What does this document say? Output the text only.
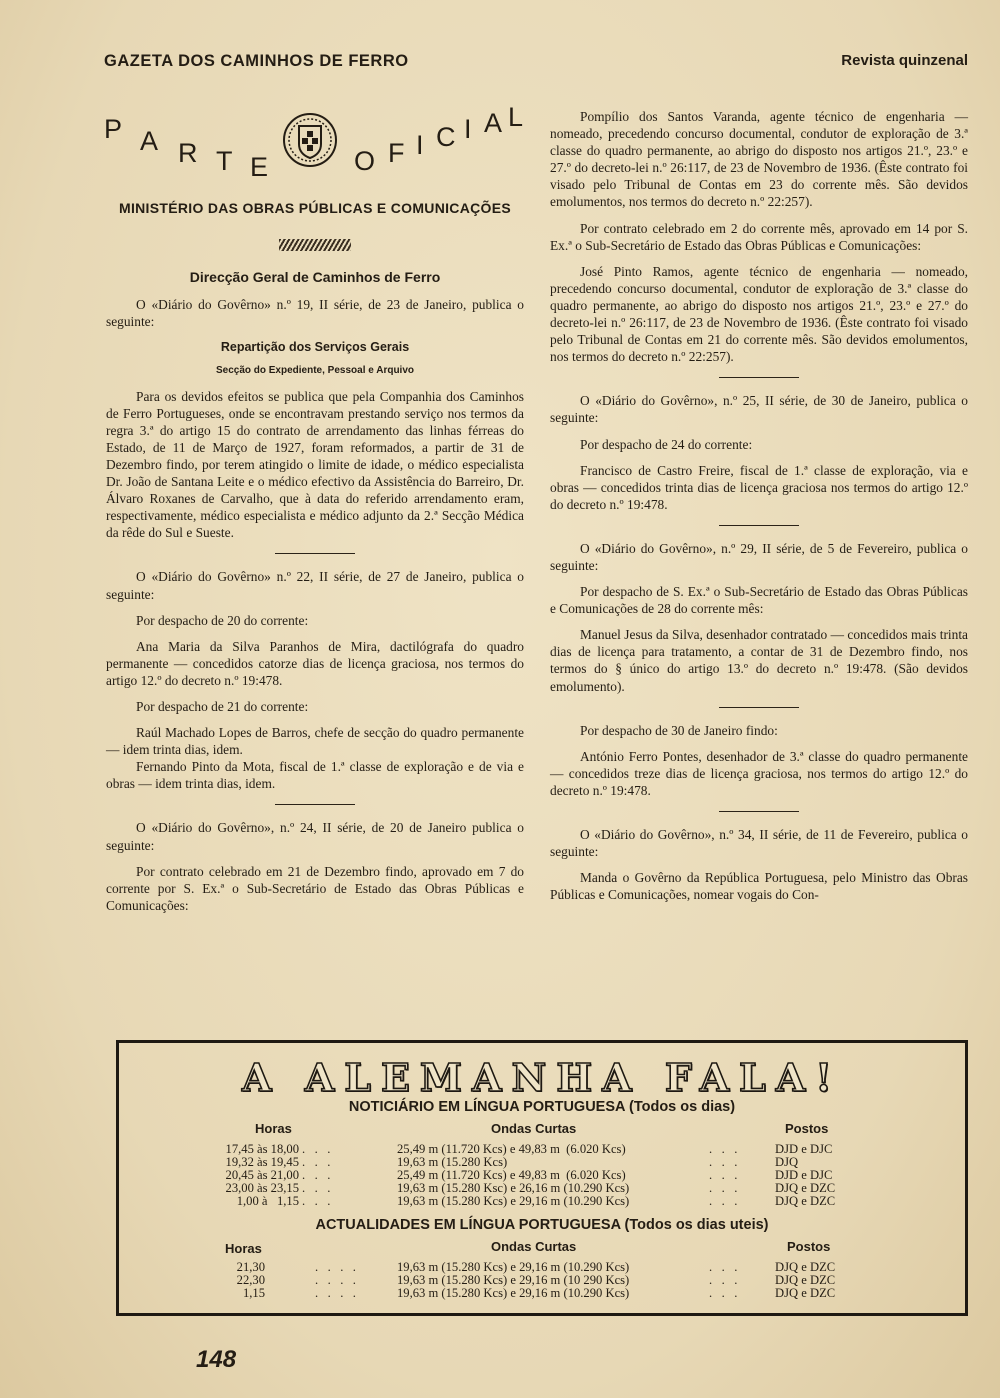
GAZETA DOS CAMINHOS DE FERRO	Revista quinzenal
P A R T E	O F I C I A L
MINISTÉRIO DAS OBRAS PÚBLICAS E COMUNICAÇÕES
Direcção Geral de Caminhos de Ferro

O «Diário do Govêrno» n.º 19, II série, de 23 de Janeiro, publica o seguinte:

Repartição dos Serviços Gerais
Secção do Expediente, Pessoal e Arquivo

Para os devidos efeitos se publica que pela Companhia dos Caminhos de Ferro Portugueses, onde se encontravam prestando serviço nos termos da regra 3.ª do artigo 15 do contrato de arrendamento das linhas férreas do Estado, de 11 de Março de 1927, foram reformados, a partir de 31 de Dezembro findo, por terem atingido o limite de idade, o médico especialista Dr. João de Santana Leite e o médico efectivo da Assistência do Barreiro, Dr. Álvaro Roxanes de Carvalho, que à data do referido arrendamento eram, respectivamente, médico especialista e médico adjunto da 2.ª Secção Médica da rêde do Sul e Sueste.

O «Diário do Govêrno» n.º 22, II série, de 27 de Janeiro, publica o seguinte:

Por despacho de 20 do corrente:

Ana Maria da Silva Paranhos de Mira, dactilógrafa do quadro permanente — concedidos catorze dias de licença graciosa, nos termos do artigo 12.º do decreto n.º 19:478.

Por despacho de 21 do corrente:

Raúl Machado Lopes de Barros, chefe de secção do quadro permanente — idem trinta dias, idem.

Fernando Pinto da Mota, fiscal de 1.ª classe de exploração e de via e obras — idem trinta dias, idem.

O «Diário do Govêrno», n.º 24, II série, de 20 de Janeiro publica o seguinte:

Por contrato celebrado em 21 de Dezembro findo, aprovado em 7 do corrente por S. Ex.ª o Sub-Secretário de Estado das Obras Públicas e Comunicações:

Pompílio dos Santos Varanda, agente técnico de engenharia — nomeado, precedendo concurso documental, condutor de exploração de 3.ª classe do quadro permanente, ao abrigo do disposto nos artigos 21.º, 23.º e 27.º do decreto-lei n.º 26:117, de 23 de Novembro de 1936. (Êste contrato foi visado pelo Tribunal de Contas em 23 do corrente mês. São devidos emolumentos, nos termos do decreto n.º 22:257).

Por contrato celebrado em 2 do corrente mês, aprovado em 14 por S. Ex.ª o Sub-Secretário de Estado das Obras Públicas e Comunicações:

José Pinto Ramos, agente técnico de engenharia — nomeado, precedendo concurso documental, condutor de exploração de 3.ª classe do quadro permanente, ao abrigo do disposto nos artigos 21.º, 23.º e 27.º do decreto-lei n.º 26:117, de 23 de Novembro de 1936. (Êste contrato foi visado pelo Tribunal de Contas em 21 do corrente mês. São devidos emolumentos, nos termos do decreto n.º 22:257).

O «Diário do Govêrno», n.º 25, II série, de 30 de Janeiro, publica o seguinte:

Por despacho de 24 do corrente:

Francisco de Castro Freire, fiscal de 1.ª classe de exploração, via e obras — concedidos trinta dias de licença graciosa nos termos do artigo 12.º do decreto n.º 19:478.

O «Diário do Govêrno», n.º 29, II série, de 5 de Fevereiro, publica o seguinte:

Por despacho de S. Ex.ª o Sub-Secretário de Estado das Obras Públicas e Comunicações de 28 do corrente mês:

Manuel Jesus da Silva, desenhador contratado — concedidos mais trinta dias de licença para tratamento, a contar de 31 de Dezembro findo, nos termos do § único do artigo 13.º do decreto n.º 19:478. (São devidos emolumento).

Por despacho de 30 de Janeiro findo:

António Ferro Pontes, desenhador de 3.ª classe do quadro permanente — concedidos treze dias de licença graciosa, nos termos do artigo 12.º do decreto n.º 19:478.

O «Diário do Govêrno», n.º 34, II série, de 11 de Fevereiro, publica o seguinte:

Manda o Govêrno da República Portuguesa, pelo Ministro das Obras Públicas e Comunicações, nomear vogais do Con-

A ALEMANHA FALA!
NOTICIÁRIO EM LÍNGUA PORTUGUESA (Todos os dias)
Horas	Ondas Curtas	Postos
17,45 às 18,00 .   .   .	25,49 m (11.720 Kcs) e 49,83 m  (6.020 Kcs)	.   .   .	DJD e DJC
19,32 às 19,45 .   .   .	19,63 m (15.280 Kcs)	.   .   .	DJQ
20,45 às 21,00 .   .   .	25,49 m (11.720 Kcs) e 49,83 m  (6.020 Kcs)	.   .   .	DJD e DJC
23,00 às 23,15 .   .   .	19,63 m (15.280 Ksc) e 26,16 m (10.290 Kcs)	.   .   .	DJQ e DZC
1,00 à   1,15 .   .   .	19,63 m (15.280 Kcs) e 29,16 m (10.290 Kcs)	.   .   .	DJQ e DZC
ACTUALIDADES EM LÍNGUA PORTUGUESA (Todos os dias uteis)
Horas	Ondas Curtas	Postos
21,30	.   .   .   .	19,63 m (15.280 Kcs) e 29,16 m (10.290 Kcs)	.   .   .	DJQ e DZC
22,30	.   .   .   .	19,63 m (15.280 Kcs) e 29,16 m (10 290 Kcs)	.   .   .	DJQ e DZC
1,15	.   .   .   .	19,63 m (15.280 Kcs) e 29,16 m (10.290 Kcs)	.   .   .	DJQ e DZC
148
